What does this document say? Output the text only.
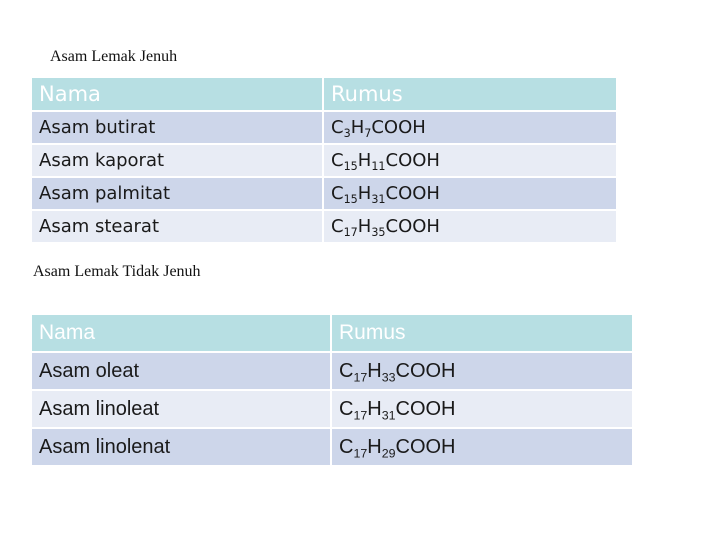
Asam Lemak Jenuh
Nama	Rumus
Asam butirat	$C_3H_7COOH$
Asam kaporat	$C_{15}H_{11}COOH$
Asam palmitat	$C_{15}H_{31}COOH$
Asam stearat	$C_{17}H_{35}COOH$
Asam Lemak Tidak Jenuh
Nama	Rumus
Asam oleat	$C_{17}H_{33}COOH$
Asam linoleat	$C_{17}H_{31}COOH$
Asam linolenat	$C_{17}H_{29}COOH$
